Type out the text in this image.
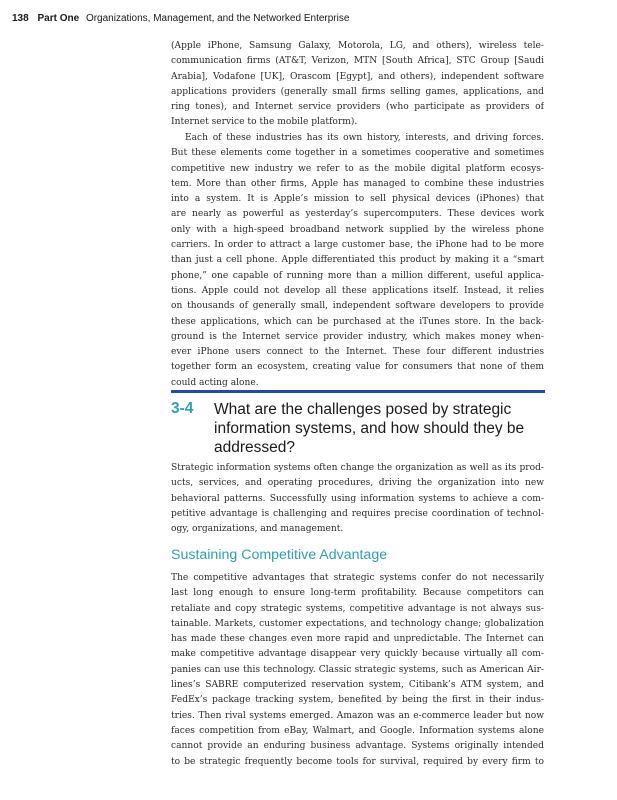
138 Part One Organizations, Management, and the Networked Enterprise
(Apple iPhone, Samsung Galaxy, Motorola, LG, and others), wireless tele-
communication firms (AT&T, Verizon, MTN [South Africa], STC Group [Saudi
Arabia], Vodafone [UK], Orascom [Egypt], and others), independent software
applications providers (generally small firms selling games, applications, and
ring tones), and Internet service providers (who participate as providers of
Internet service to the mobile platform).
Each of these industries has its own history, interests, and driving forces.
But these elements come together in a sometimes cooperative and sometimes
competitive new industry we refer to as the mobile digital platform ecosys-
tem. More than other firms, Apple has managed to combine these industries
into a system. It is Apple’s mission to sell physical devices (iPhones) that
are nearly as powerful as yesterday’s supercomputers. These devices work
only with a high-speed broadband network supplied by the wireless phone
carriers. In order to attract a large customer base, the iPhone had to be more
than just a cell phone. Apple differentiated this product by making it a “smart
phone,” one capable of running more than a million different, useful applica-
tions. Apple could not develop all these applications itself. Instead, it relies
on thousands of generally small, independent software developers to provide
these applications, which can be purchased at the iTunes store. In the back-
ground is the Internet service provider industry, which makes money when-
ever iPhone users connect to the Internet. These four different industries
together form an ecosystem, creating value for consumers that none of them
could acting alone.
3-4 What are the challenges posed by strategic information systems, and how should they be addressed?
Strategic information systems often change the organization as well as its prod-
ucts, services, and operating procedures, driving the organization into new
behavioral patterns. Successfully using information systems to achieve a com-
petitive advantage is challenging and requires precise coordination of technol-
ogy, organizations, and management.
Sustaining Competitive Advantage
The competitive advantages that strategic systems confer do not necessarily
last long enough to ensure long-term profitability. Because competitors can
retaliate and copy strategic systems, competitive advantage is not always sus-
tainable. Markets, customer expectations, and technology change; globalization
has made these changes even more rapid and unpredictable. The Internet can
make competitive advantage disappear very quickly because virtually all com-
panies can use this technology. Classic strategic systems, such as American Air-
lines’s SABRE computerized reservation system, Citibank’s ATM system, and
FedEx’s package tracking system, benefited by being the first in their indus-
tries. Then rival systems emerged. Amazon was an e-commerce leader but now
faces competition from eBay, Walmart, and Google. Information systems alone
cannot provide an enduring business advantage. Systems originally intended
to be strategic frequently become tools for survival, required by every firm to
